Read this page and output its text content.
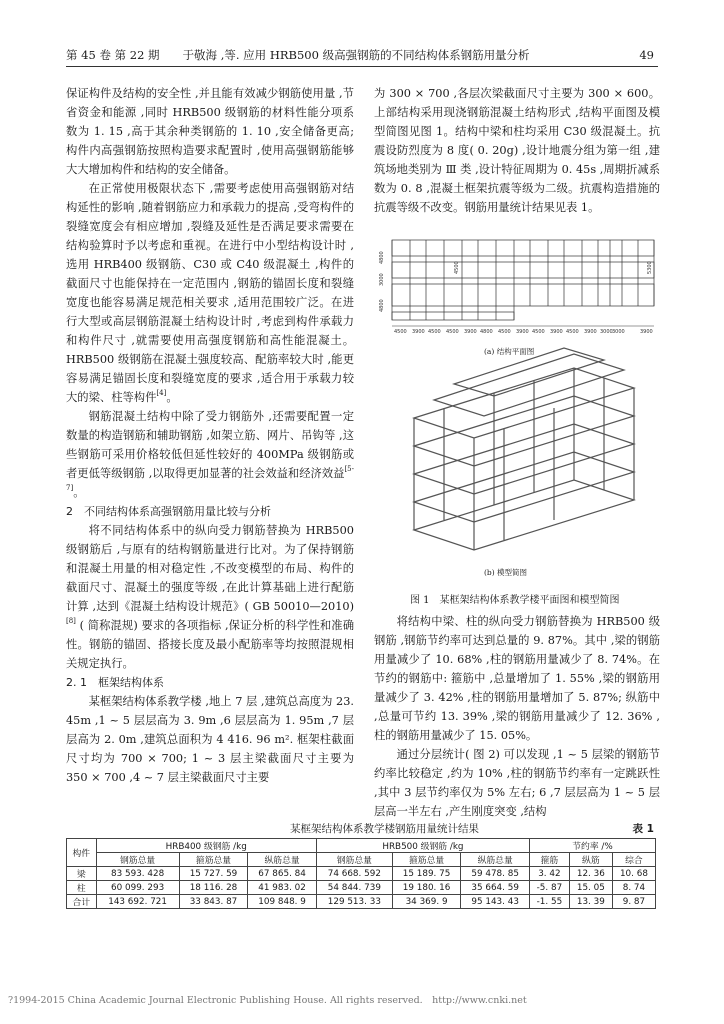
第 45 卷 第 22 期　　于敬海 ,等. 应用 HRB500 级高强钢筋的不同结构体系钢筋用量分析	49

保证构件及结构的安全性 ,并且能有效减少钢筋使用量 ,节省资金和能源 ,同时 HRB500 级钢筋的材料性能分项系数为 1. 15 ,高于其余种类钢筋的 1. 10 ,安全储备更高; 构件内高强钢筋按照构造要求配置时 ,使用高强钢筋能够大大增加构件和结构的安全储备。

在正常使用极限状态下 ,需要考虑使用高强钢筋对结构延性的影响 ,随着钢筋应力和承载力的提高 ,受弯构件的裂缝宽度会有相应增加 ,裂缝及延性是否满足要求需要在结构验算时予以考虑和重视。在进行中小型结构设计时 ,选用 HRB400 级钢筋、C30 或 C40 级混凝土 ,构件的截面尺寸也能保持在一定范围内 ,钢筋的锚固长度和裂缝宽度也能容易满足规范相关要求 ,适用范围较广泛。在进行大型或高层钢筋混凝土结构设计时 ,考虑到构件承载力和构件尺寸 ,就需要使用高强度钢筋和高性能混凝土。HRB500 级钢筋在混凝土强度较高、配筋率较大时 ,能更容易满足锚固长度和裂缝宽度的要求 ,适合用于承载力较大的梁、柱等构件[4]。

钢筋混凝土结构中除了受力钢筋外 ,还需要配置一定数量的构造钢筋和辅助钢筋 ,如架立筋、网片、吊钩等 ,这些钢筋可采用价格较低但延性较好的 400MPa 级钢筋或者更低等级钢筋 ,以取得更加显著的社会效益和经济效益[5-7]。

2　不同结构体系高强钢筋用量比较与分析

将不同结构体系中的纵向受力钢筋替换为 HRB500 级钢筋后 ,与原有的结构钢筋量进行比对。为了保持钢筋和混凝土用量的相对稳定性 ,不改变模型的布局、构件的截面尺寸、混凝土的强度等级 ,在此计算基础上进行配筋计算 ,达到《混凝土结构设计规范》( GB 50010—2010)[8] ( 简称混规) 要求的各项指标 ,保证分析的科学性和准确性。钢筋的锚固、搭接长度及最小配筋率等均按照混规相关规定执行。

2. 1　框架结构体系

某框架结构体系教学楼 ,地上 7 层 ,建筑总高度为 23. 45m ,1 ~ 5 层层高为 3. 9m ,6 层层高为 1. 95m ,7 层层高为 2. 0m ,建筑总面积为 4 416. 96 m². 框架柱截面尺寸均为 700 × 700; 1 ~ 3 层主梁截面尺寸主要为 350 × 700 ,4 ~ 7 层主梁截面尺寸主要

为 300 × 700 ,各层次梁截面尺寸主要为 300 × 600。上部结构采用现浇钢筋混凝土结构形式 ,结构平面图及模型简图见图 1。结构中梁和柱均采用 C30 级混凝土。抗震设防烈度为 8 度( 0. 20g) ,设计地震分组为第一组 ,建筑场地类别为 Ⅲ 类 ,设计特征周期为 0. 45s ,周期折减系数为 0. 8 ,混凝土框架抗震等级为二级。抗震构造措施的抗震等级不改变。钢筋用量统计结果见表 1。

4500 3900 4500 4500 3900 4800 4500 3900 4500 3900 4500 3900 3000 3000	3900
4800
3000
4800
4500	5300
(a) 结构平面图
(b) 模型简图
图 1　某框架结构体系教学楼平面图和模型简图

将结构中梁、柱的纵向受力钢筋替换为 HRB500 级钢筋 ,钢筋节约率可达到总量的 9. 87%。其中 ,梁的钢筋用量减少了 10. 68% ,柱的钢筋用量减少了 8. 74%。在节约的钢筋中: 箍筋中 ,总量增加了 1. 55% ,梁的钢筋用量减少了 3. 42% ,柱的钢筋用量增加了 5. 87%; 纵筋中 ,总量可节约 13. 39% ,梁的钢筋用量减少了 12. 36% ,柱的钢筋用量减少了 15. 05%。

通过分层统计( 图 2) 可以发现 ,1 ~ 5 层梁的钢筋节约率比较稳定 ,约为 10% ,柱的钢筋节约率有一定跳跃性 ,其中 3 层节约率仅为 5% 左右; 6 ,7 层层高为 1 ~ 5 层层高一半左右 ,产生刚度突变 ,结构

某框架结构体系教学楼钢筋用量统计结果	表 1
构件	HRB400 级钢筋 /kg			HRB500 级钢筋 /kg			节约率 /%		
	钢筋总量	箍筋总量	纵筋总量	钢筋总量	箍筋总量	纵筋总量	箍筋	纵筋	综合
梁	83 593. 428	15 727. 59	67 865. 84	74 668. 592	15 189. 75	59 478. 85	3. 42	12. 36	10. 68
柱	60 099. 293	18 116. 28	41 983. 02	54 844. 739	19 180. 16	35 664. 59	-5. 87	15. 05	8. 74
合计	143 692. 721	33 843. 87	109 848. 9	129 513. 33	34 369. 9	95 143. 43	-1. 55	13. 39	9. 87
?1994-2015 China Academic Journal Electronic Publishing House. All rights reserved.　http://www.cnki.net
